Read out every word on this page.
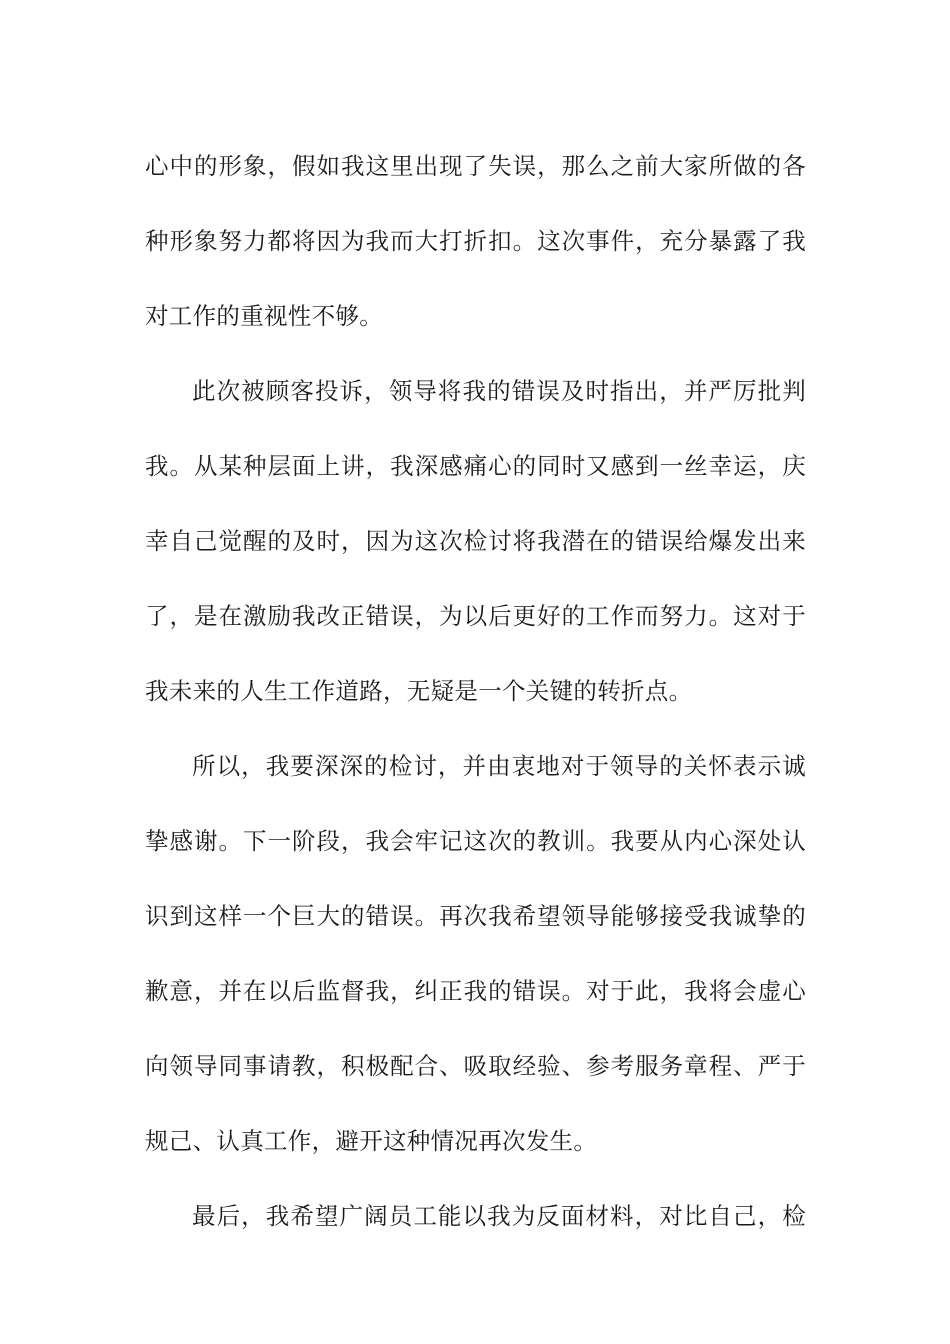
心中的形象，假如我这里出现了失误，那么之前大家所做的各
种形象努力都将因为我而大打折扣。这次事件，充分暴露了我
对工作的重视性不够。
此次被顾客投诉，领导将我的错误及时指出，并严厉批判
我。从某种层面上讲，我深感痛心的同时又感到一丝幸运，庆
幸自己觉醒的及时，因为这次检讨将我潜在的错误给爆发出来
了，是在激励我改正错误，为以后更好的工作而努力。这对于
我未来的人生工作道路，无疑是一个关键的转折点。
所以，我要深深的检讨，并由衷地对于领导的关怀表示诚
挚感谢。下一阶段，我会牢记这次的教训。我要从内心深处认
识到这样一个巨大的错误。再次我希望领导能够接受我诚挚的
歉意，并在以后监督我，纠正我的错误。对于此，我将会虚心
向领导同事请教，积极配合、吸取经验、参考服务章程、严于
规己、认真工作，避开这种情况再次发生。
最后，我希望广阔员工能以我为反面材料，对比自己，检
